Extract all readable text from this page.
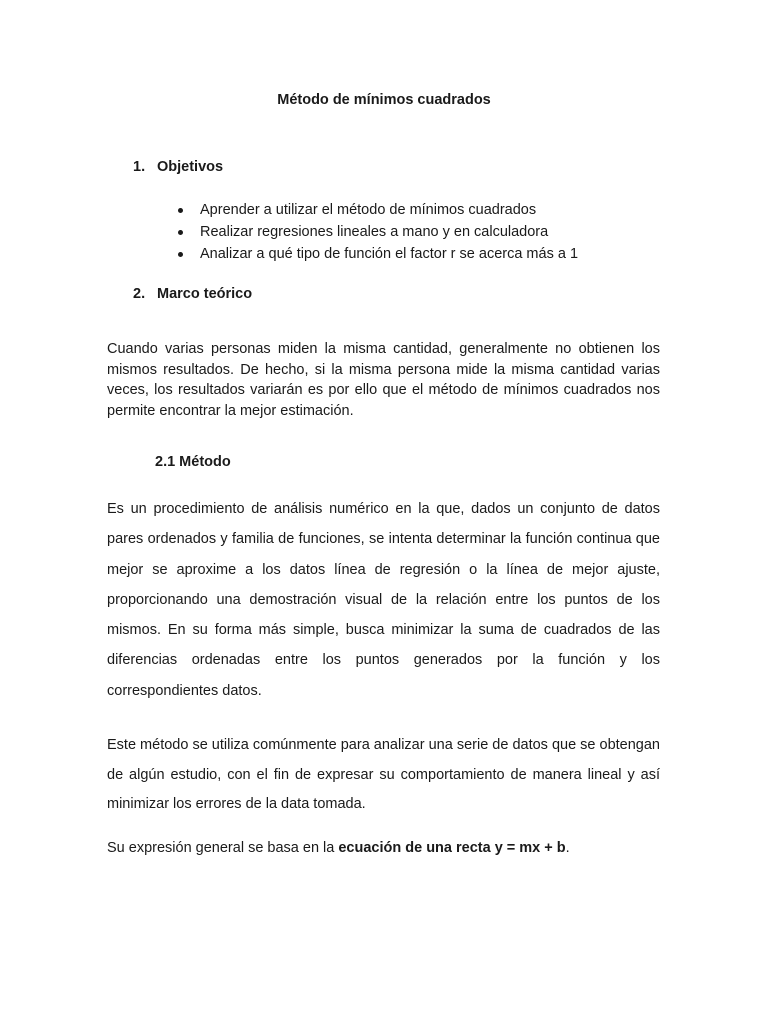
Método de mínimos cuadrados
1. Objetivos
Aprender a utilizar el método de mínimos cuadrados
Realizar regresiones lineales a mano y en calculadora
Analizar a qué tipo de función el factor r se acerca más a 1
2. Marco teórico

Cuando varias personas miden la misma cantidad, generalmente no obtienen los mismos resultados. De hecho, si la misma persona mide la misma cantidad varias veces, los resultados variarán es por ello que el método de mínimos cuadrados nos permite encontrar la mejor estimación.

2.1 Método

Es un procedimiento de análisis numérico en la que, dados un conjunto de datos pares ordenados y familia de funciones, se intenta determinar la función continua que mejor se aproxime a los datos línea de regresión o la línea de mejor ajuste, proporcionando una demostración visual de la relación entre los puntos de los mismos. En su forma más simple, busca minimizar la suma de cuadrados de las diferencias ordenadas entre los puntos generados por la función y los correspondientes datos.

Este método se utiliza comúnmente para analizar una serie de datos que se obtengan de algún estudio, con el fin de expresar su comportamiento de manera lineal y así minimizar los errores de la data tomada.

Su expresión general se basa en la ecuación de una recta y = mx + b.
